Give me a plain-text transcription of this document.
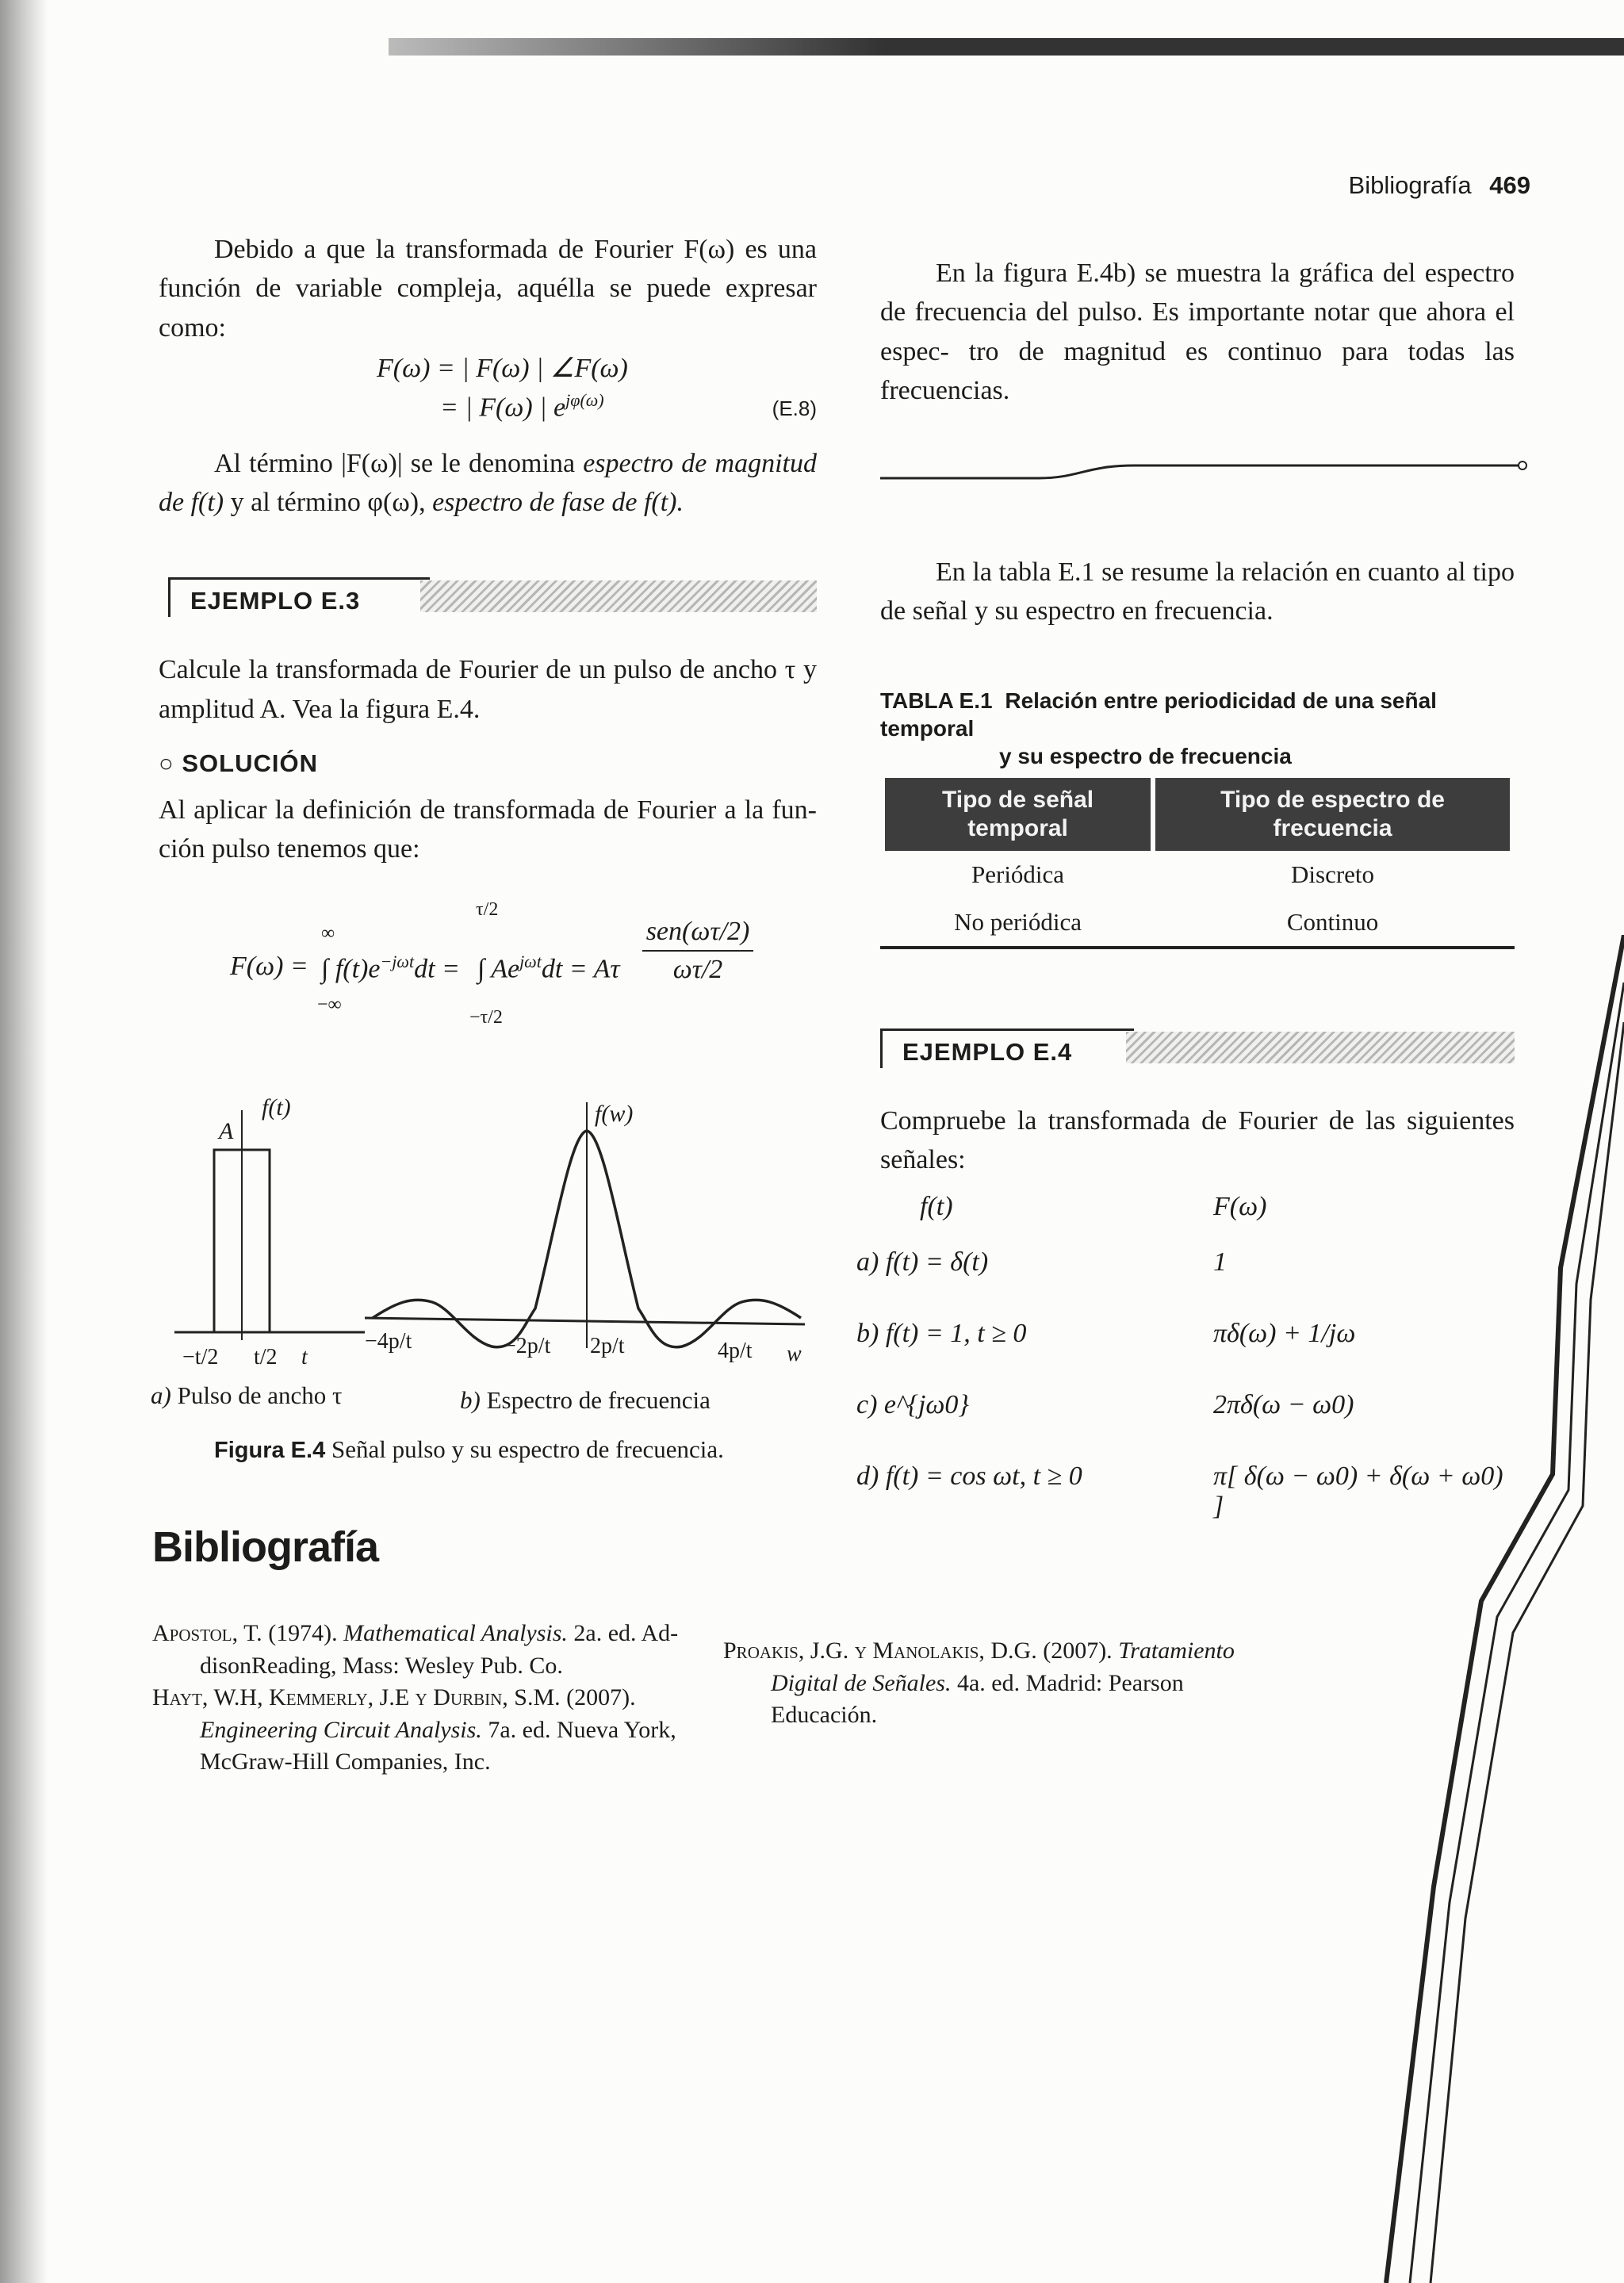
Bibliografía 469
Debido a que la transformada de Fourier F(ω) es una función de variable compleja, aquélla se puede expresar como:
F(ω) = | F(ω) | ∠F(ω)
= | F(ω) | $e^{j\varphi(\omega)}$	(E.8)
Al término |F(ω)| se le denomina espectro de magnitud de f(t) y al término φ(ω), espectro de fase de f(t).
EJEMPLO E.3
Calcule la transformada de Fourier de un pulso de ancho τ y amplitud A. Vea la figura E.4.
○ SOLUCIÓN
Al aplicar la definición de transformada de Fourier a la fun- ción pulso tenemos que:
F(ω) =
∞
−∞
∫ $f(t)e^{-j\omega t}dt$ =
τ/2
−τ/2
∫ $Ae^{j\omega t}dt = A\tau$
sen(ωτ/2)
ωτ/2
f(t)
A
−t/2 t/2 t
a) Pulso de ancho τ
f(w)
−4p/t	−2p/t 2p/t	4p/t w
b) Espectro de frecuencia
Figura E.4 Señal pulso y su espectro de frecuencia.
En la figura E.4b) se muestra la gráfica del espectro de frecuencia del pulso. Es importante notar que ahora el espec- tro de magnitud es continuo para todas las frecuencias.
En la tabla E.1 se resume la relación en cuanto al tipo de señal y su espectro en frecuencia.
TABLA E.1 Relación entre periodicidad de una señal temporal
y su espectro de frecuencia
Tipo de señal temporal	Tipo de espectro de frecuencia
Periódica	Discreto
No periódica	Continuo
EJEMPLO E.4
Compruebe la transformada de Fourier de las siguientes señales:
f(t)	F(ω)
a) f(t) = δ(t)	1
b) f(t) = 1, t ≥ 0	πδ(ω) + 1/jω
c) e^{jω0}	2πδ(ω − ω0)
d) f(t) = cos ωt, t ≥ 0	π[ δ(ω − ω0) + δ(ω + ω0) ]
Bibliografía
Apostol, T. (1974). Mathematical Analysis. 2a. ed. Ad-disonReading, Mass: Wesley Pub. Co.
Hayt, W.H, Kemmerly, J.E y Durbin, S.M. (2007). Engineering Circuit Analysis. 7a. ed. Nueva York, McGraw-Hill Companies, Inc.
Proakis, J.G. y Manolakis, D.G. (2007). Tratamiento Digital de Señales. 4a. ed. Madrid: Pearson Educación.
